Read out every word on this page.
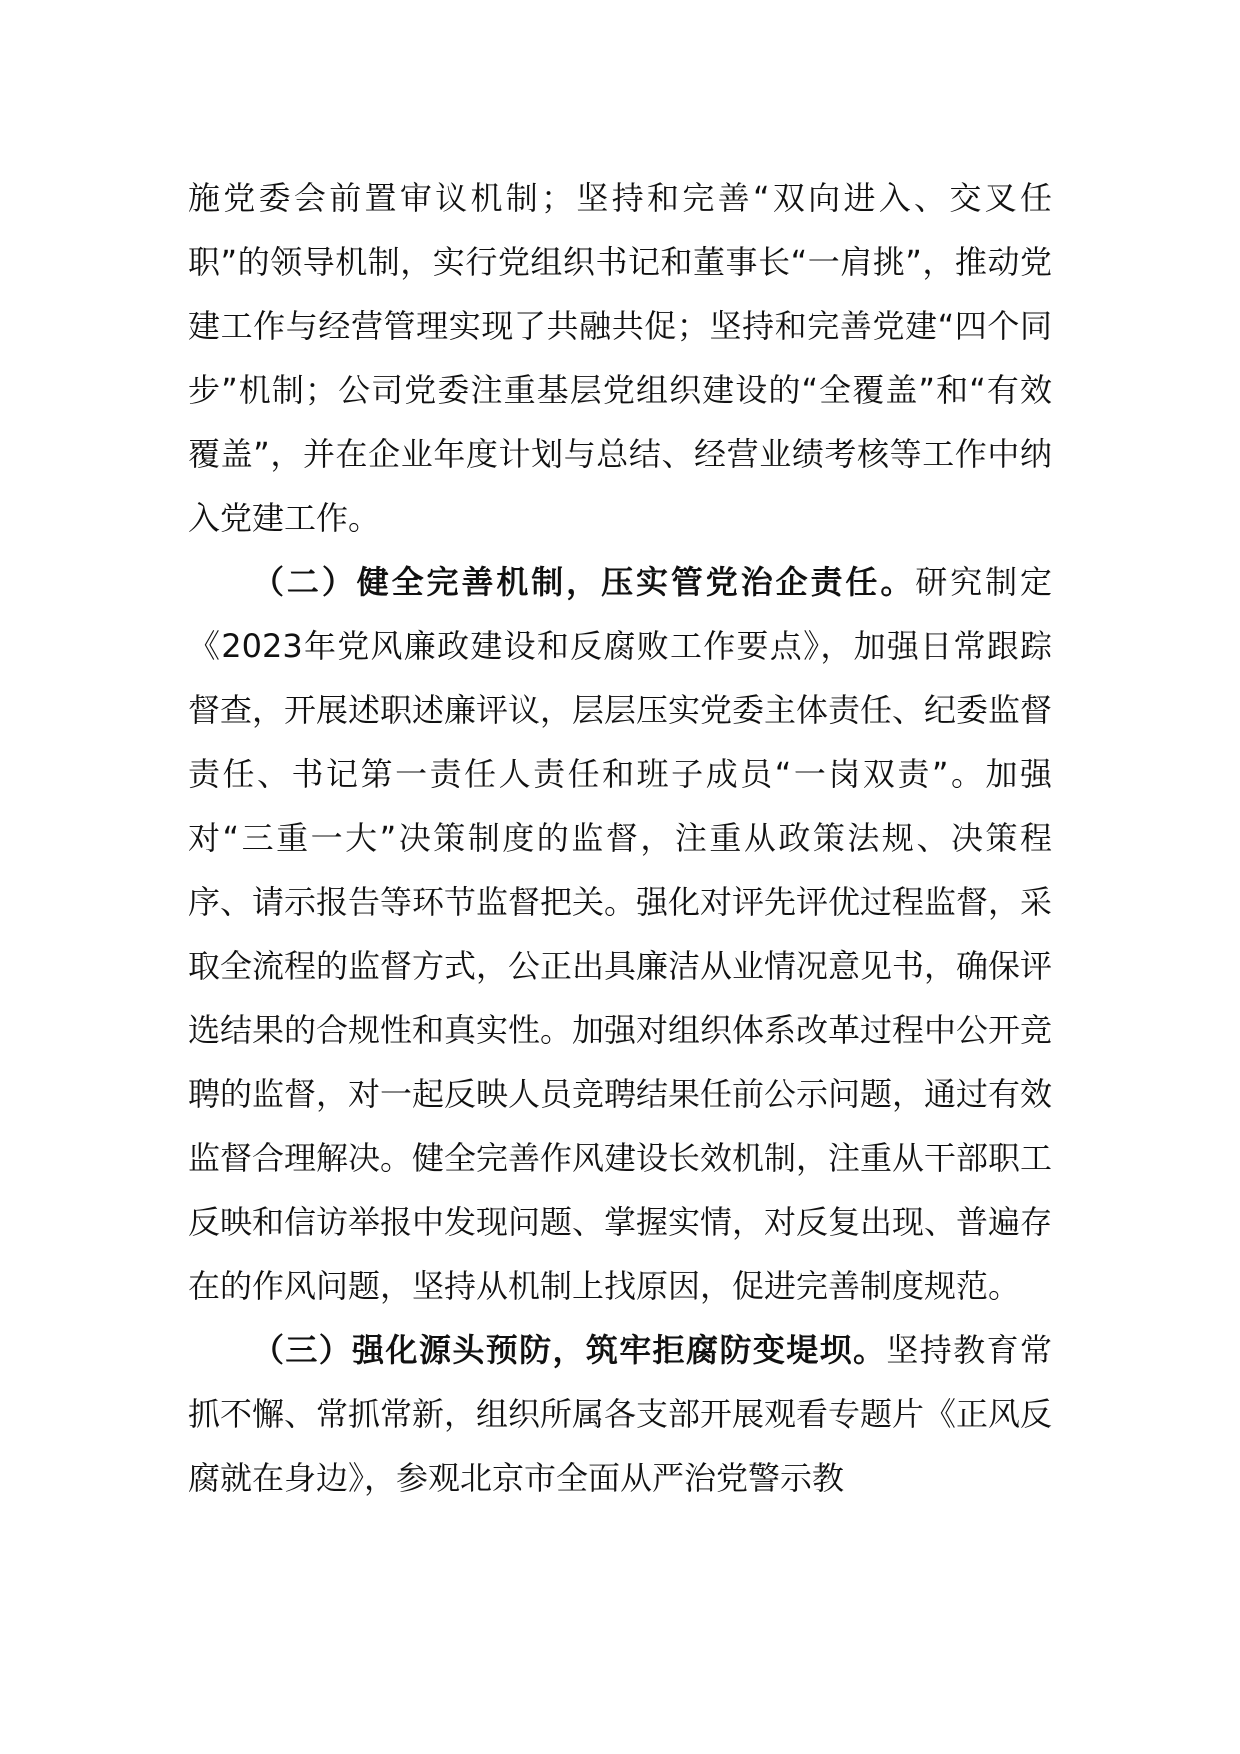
施党委会前置审议机制；坚持和完善“双向进入、交叉任职”的领导机制，实行党组织书记和董事长“一肩挑”，推动党建工作与经营管理实现了共融共促；坚持和完善党建“四个同步”机制；公司党委注重基层党组织建设的“全覆盖”和“有效覆盖”，并在企业年度计划与总结、经营业绩考核等工作中纳入党建工作。

（二）健全完善机制，压实管党治企责任。研究制定《2023年党风廉政建设和反腐败工作要点》，加强日常跟踪督查，开展述职述廉评议，层层压实党委主体责任、纪委监督责任、书记第一责任人责任和班子成员“一岗双责”。加强对“三重一大”决策制度的监督，注重从政策法规、决策程序、请示报告等环节监督把关。强化对评先评优过程监督，采取全流程的监督方式，公正出具廉洁从业情况意见书，确保评选结果的合规性和真实性。加强对组织体系改革过程中公开竞聘的监督，对一起反映人员竞聘结果任前公示问题，通过有效监督合理解决。健全完善作风建设长效机制，注重从干部职工反映和信访举报中发现问题、掌握实情，对反复出现、普遍存在的作风问题，坚持从机制上找原因，促进完善制度规范。

（三）强化源头预防，筑牢拒腐防变堤坝。坚持教育常抓不懈、常抓常新，组织所属各支部开展观看专题片《正风反腐就在身边》，参观北京市全面从严治党警示教
